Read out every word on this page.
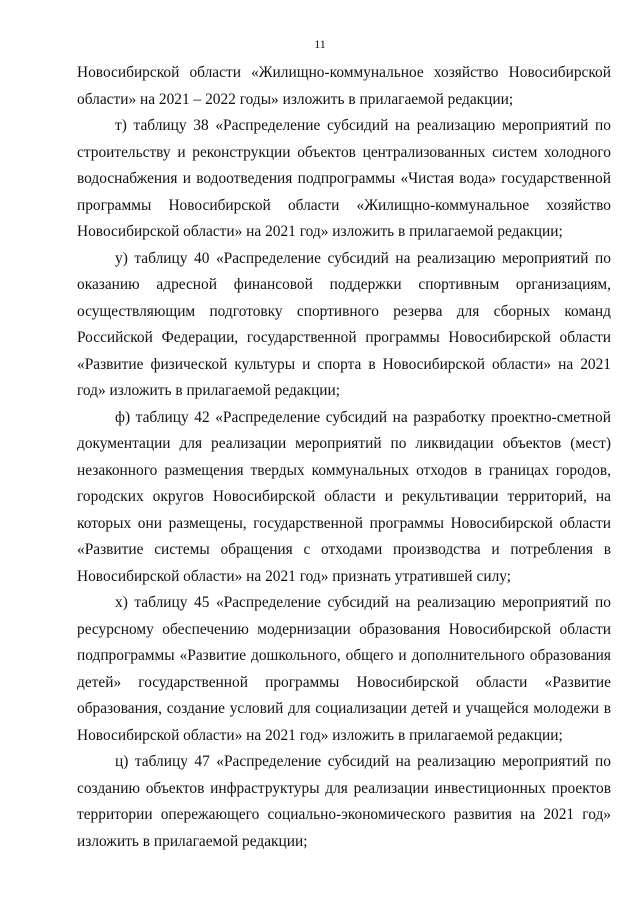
11

Новосибирской области «Жилищно-коммунальное хозяйство Новосибирской области» на 2021 – 2022 годы» изложить в прилагаемой редакции;

т) таблицу 38 «Распределение субсидий на реализацию мероприятий по строительству и реконструкции объектов централизованных систем холодного водоснабжения и водоотведения подпрограммы «Чистая вода» государственной программы Новосибирской области «Жилищно-коммунальное хозяйство Новосибирской области» на 2021 год» изложить в прилагаемой редакции;

у) таблицу 40 «Распределение субсидий на реализацию мероприятий по оказанию адресной финансовой поддержки спортивным организациям, осуществляющим подготовку спортивного резерва для сборных команд Российской Федерации, государственной программы Новосибирской области «Развитие физической культуры и спорта в Новосибирской области» на 2021 год» изложить в прилагаемой редакции;

ф) таблицу 42 «Распределение субсидий на разработку проектно-сметной документации для реализации мероприятий по ликвидации объектов (мест) незаконного размещения твердых коммунальных отходов в границах городов, городских округов Новосибирской области и рекультивации территорий, на которых они размещены, государственной программы Новосибирской области «Развитие системы обращения с отходами производства и потребления в Новосибирской области» на 2021 год» признать утратившей силу;

х) таблицу 45 «Распределение субсидий на реализацию мероприятий по ресурсному обеспечению модернизации образования Новосибирской области подпрограммы «Развитие дошкольного, общего и дополнительного образования детей» государственной программы Новосибирской области «Развитие образования, создание условий для социализации детей и учащейся молодежи в Новосибирской области» на 2021 год» изложить в прилагаемой редакции;

ц) таблицу 47 «Распределение субсидий на реализацию мероприятий по созданию объектов инфраструктуры для реализации инвестиционных проектов территории опережающего социально-экономического развития на 2021 год» изложить в прилагаемой редакции;
